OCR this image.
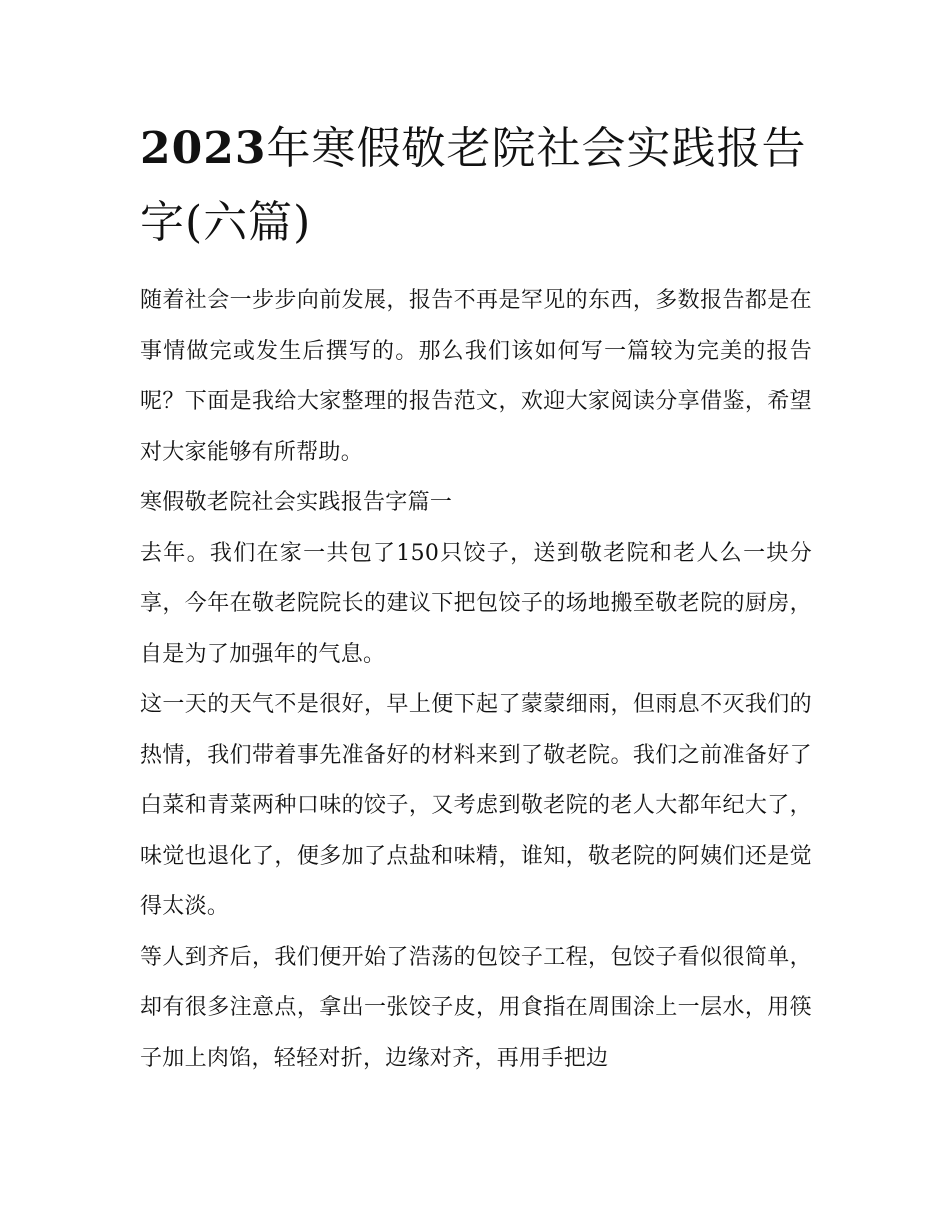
2023年寒假敬老院社会实践报告字(六篇)

随着社会一步步向前发展，报告不再是罕见的东西，多数报告都是在事情做完或发生后撰写的。那么我们该如何写一篇较为完美的报告呢？下面是我给大家整理的报告范文，欢迎大家阅读分享借鉴，希望对大家能够有所帮助。

寒假敬老院社会实践报告字篇一

去年。我们在家一共包了150只饺子，送到敬老院和老人么一块分享，今年在敬老院院长的建议下把包饺子的场地搬至敬老院的厨房，自是为了加强年的气息。

这一天的天气不是很好，早上便下起了蒙蒙细雨，但雨息不灭我们的热情，我们带着事先准备好的材料来到了敬老院。我们之前准备好了白菜和青菜两种口味的饺子，又考虑到敬老院的老人大都年纪大了，味觉也退化了，便多加了点盐和味精，谁知，敬老院的阿姨们还是觉得太淡。

等人到齐后，我们便开始了浩荡的包饺子工程，包饺子看似很简单，却有很多注意点，拿出一张饺子皮，用食指在周围涂上一层水，用筷子加上肉馅，轻轻对折，边缘对齐，再用手把边
